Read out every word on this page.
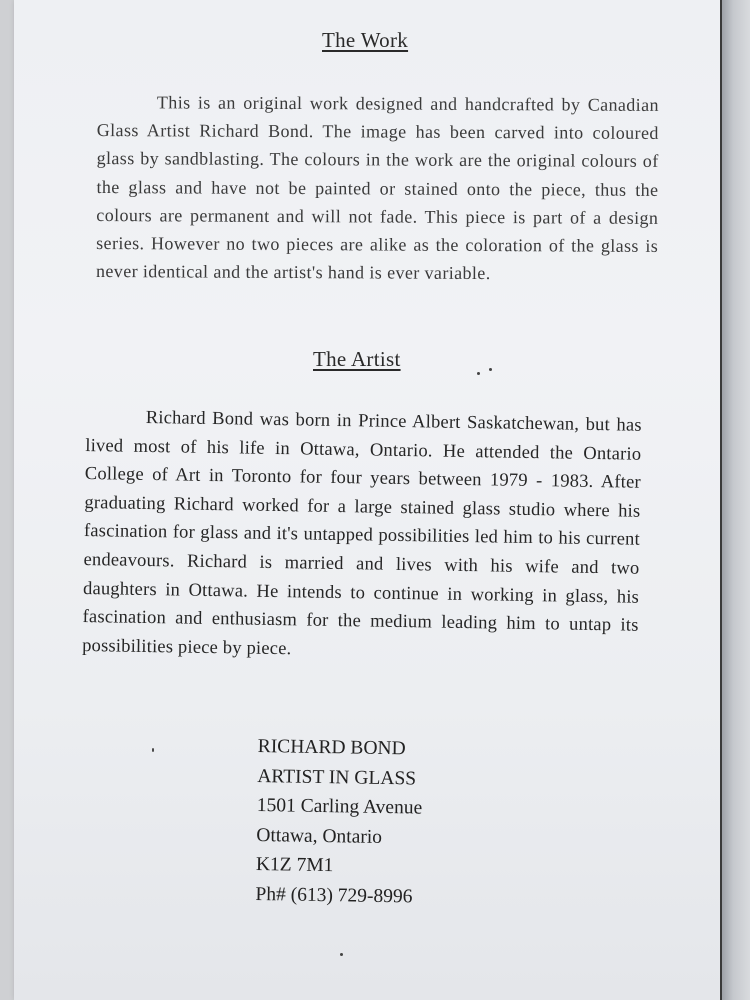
The Work
This is an original work designed and handcrafted by Canadian Glass Artist Richard Bond. The image has been carved into coloured glass by sandblasting. The colours in the work are the original colours of the glass and have not be painted or stained onto the piece, thus the colours are permanent and will not fade. This piece is part of a design series. However no two pieces are alike as the coloration of the glass is never identical and the artist's hand is ever variable.
The Artist
Richard Bond was born in Prince Albert Saskatchewan, but has lived most of his life in Ottawa, Ontario. He attended the Ontario College of Art in Toronto for four years between 1979 - 1983. After graduating Richard worked for a large stained glass studio where his fascination for glass and it's untapped possibilities led him to his current endeavours. Richard is married and lives with his wife and two daughters in Ottawa. He intends to continue in working in glass, his fascination and enthusiasm for the medium leading him to untap its possibilities piece by piece.
RICHARD BOND
ARTIST IN GLASS
1501 Carling Avenue
Ottawa, Ontario
K1Z 7M1
Ph# (613) 729-8996
